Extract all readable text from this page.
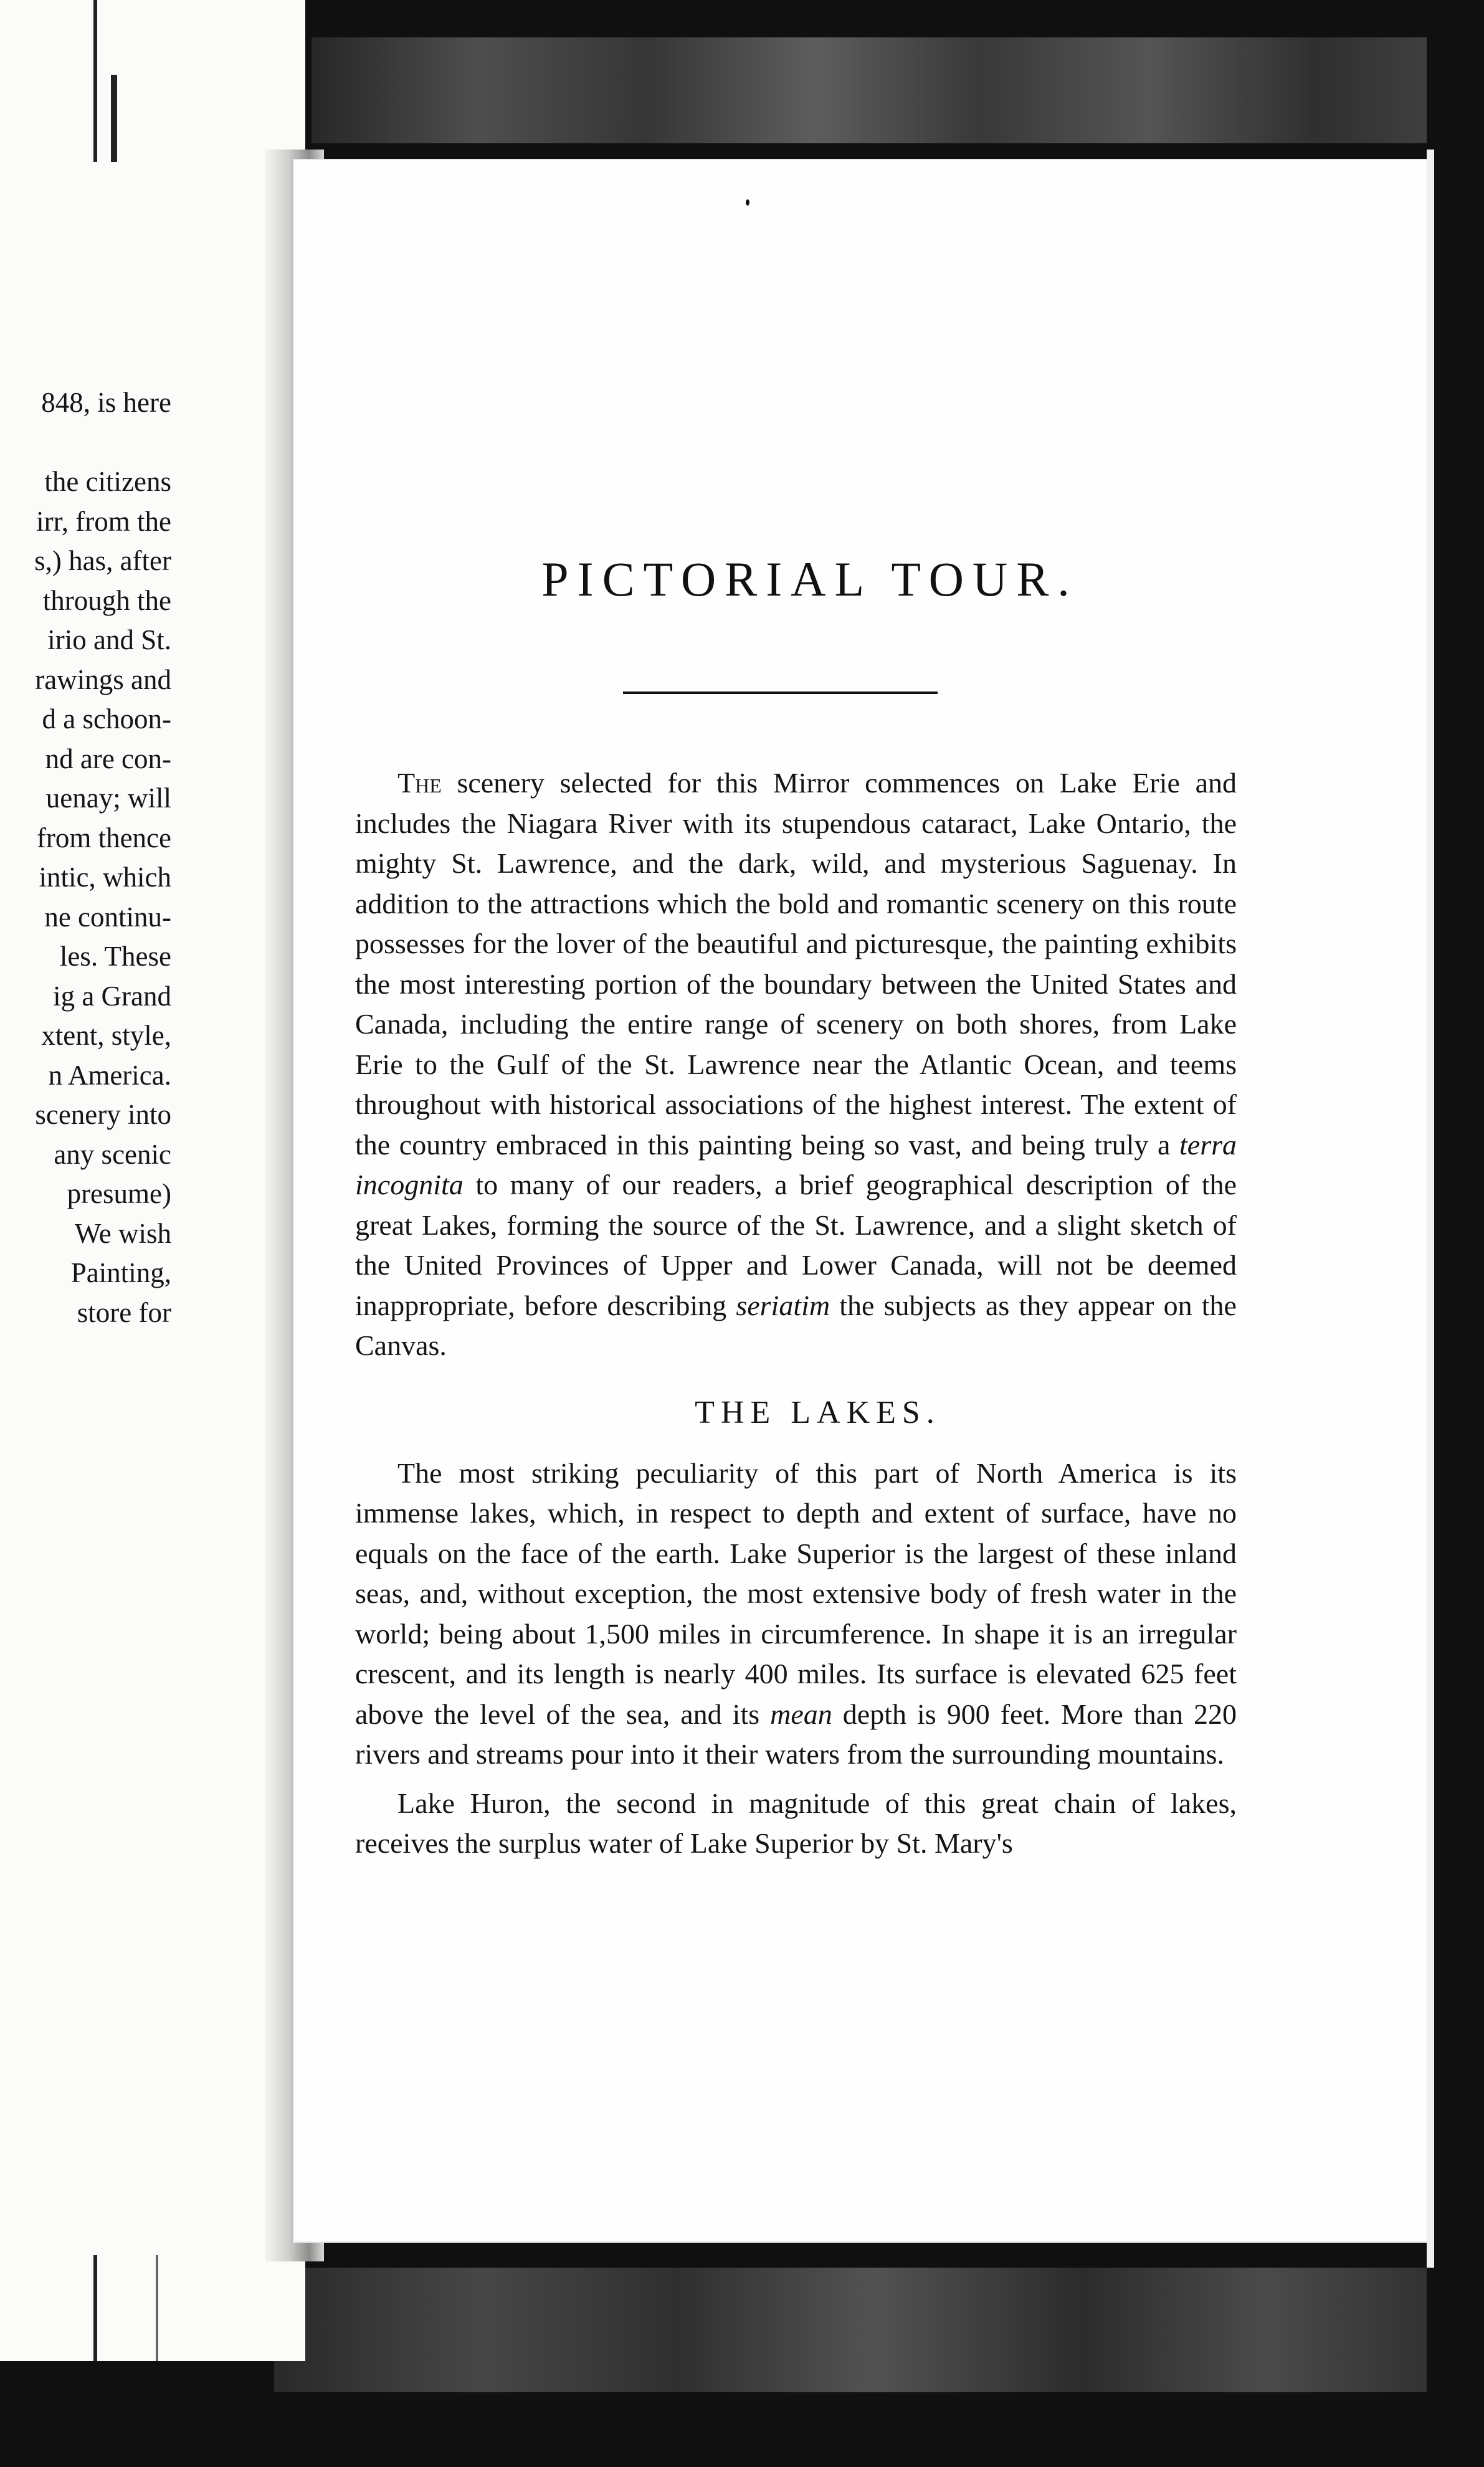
848, is here
the citizens
irr, from the
s,) has, after
through the
irio and St.
rawings and
d a schoon-
nd are con-
uenay; will
from thence
intic, which
ne continu-
les. These
ig a Grand
xtent, style,
n America.
scenery into
any scenic
presume)
We wish
Painting,
store for
PICTORIAL TOUR.

The scenery selected for this Mirror commences on Lake Erie and includes the Niagara River with its stupendous cataract, Lake Ontario, the mighty St. Lawrence, and the dark, wild, and mysterious Saguenay. In addition to the attractions which the bold and romantic scenery on this route possesses for the lover of the beautiful and picturesque, the painting exhibits the most interesting portion of the boundary between the United States and Canada, including the entire range of scenery on both shores, from Lake Erie to the Gulf of the St. Lawrence near the Atlantic Ocean, and teems throughout with historical associations of the highest interest. The extent of the country embraced in this painting being so vast, and being truly a terra incognita to many of our readers, a brief geographical description of the great Lakes, forming the source of the St. Lawrence, and a slight sketch of the United Provinces of Upper and Lower Canada, will not be deemed inappropriate, before describing seriatim the subjects as they appear on the Canvas.

THE LAKES.

The most striking peculiarity of this part of North America is its immense lakes, which, in respect to depth and extent of surface, have no equals on the face of the earth. Lake Superior is the largest of these inland seas, and, without exception, the most extensive body of fresh water in the world; being about 1,500 miles in circumference. In shape it is an irregular crescent, and its length is nearly 400 miles. Its surface is elevated 625 feet above the level of the sea, and its mean depth is 900 feet. More than 220 rivers and streams pour into it their waters from the surrounding mountains.

Lake Huron, the second in magnitude of this great chain of lakes, receives the surplus water of Lake Superior by St. Mary's
